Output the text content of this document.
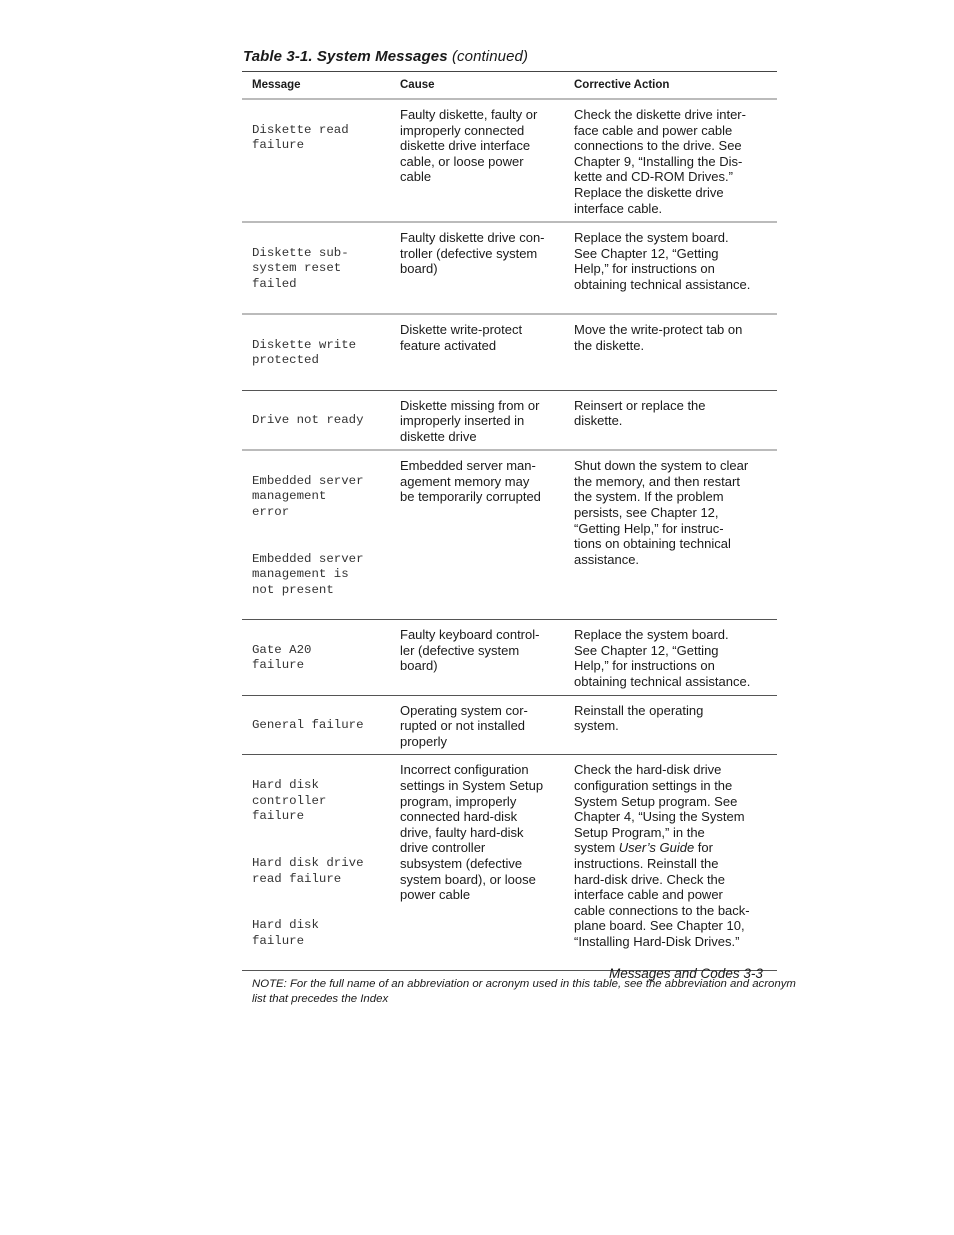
Table 3-1. System Messages (continued)
Message	Cause	Corrective Action

Diskette read
failure

Faulty diskette, faulty or
improperly connected
diskette drive interface
cable, or loose power
cable
Check the diskette drive inter-
face cable and power cable
connections to the drive. See
Chapter 9, “Installing the Dis-
kette and CD-ROM Drives.”
Replace the diskette drive
interface cable.

Diskette sub-
system reset
failed

Faulty diskette drive con-
troller (defective system
board)
Replace the system board.
See Chapter 12, “Getting
Help,” for instructions on
obtaining technical assistance.

Diskette write
protected

Diskette write-protect
feature activated
Move the write-protect tab on
the diskette.

Drive not ready

Diskette missing from or
improperly inserted in
diskette drive
Reinsert or replace the
diskette.

Embedded server
management
error

Embedded server
management is
not present

Embedded server man-
agement memory may
be temporarily corrupted
Shut down the system to clear
the memory, and then restart
the system. If the problem
persists, see Chapter 12,
“Getting Help,” for instruc-
tions on obtaining technical
assistance.

Gate A20
failure

Faulty keyboard control-
ler (defective system
board)
Replace the system board.
See Chapter 12, “Getting
Help,” for instructions on
obtaining technical assistance.

General failure

Operating system cor-
rupted or not installed
properly
Reinstall the operating
system.

Hard disk
controller
failure

Hard disk drive
read failure

Hard disk
failure

Incorrect configuration
settings in System Setup
program, improperly
connected hard-disk
drive, faulty hard-disk
drive controller
subsystem (defective
system board), or loose
power cable
Check the hard-disk drive
configuration settings in the
System Setup program. See
Chapter 4, “Using the System
Setup Program,” in the
system User’s Guide for
instructions. Reinstall the
hard-disk drive. Check the
interface cable and power
cable connections to the back-
plane board. See Chapter 10,
“Installing Hard-Disk Drives.”
NOTE: For the full name of an abbreviation or acronym used in this table, see the abbreviation and acronym list that precedes the Index
Messages and Codes 3-3
